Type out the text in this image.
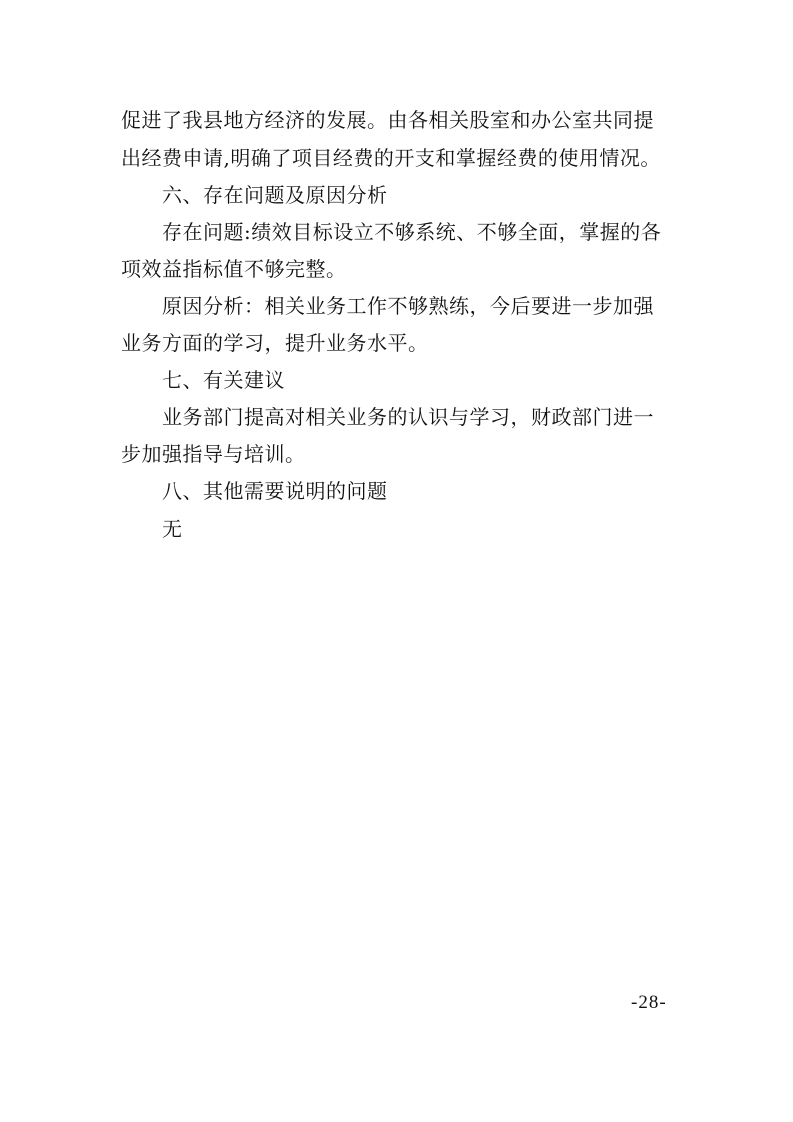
促进了我县地方经济的发展。由各相关股室和办公室共同提
出经费申请,明确了项目经费的开支和掌握经费的使用情况。
六、存在问题及原因分析
存在问题:绩效目标设立不够系统、不够全面，掌握的各
项效益指标值不够完整。
原因分析：相关业务工作不够熟练，今后要进一步加强
业务方面的学习，提升业务水平。
七、有关建议
业务部门提高对相关业务的认识与学习，财政部门进一
步加强指导与培训。
八、其他需要说明的问题
无
-28-
